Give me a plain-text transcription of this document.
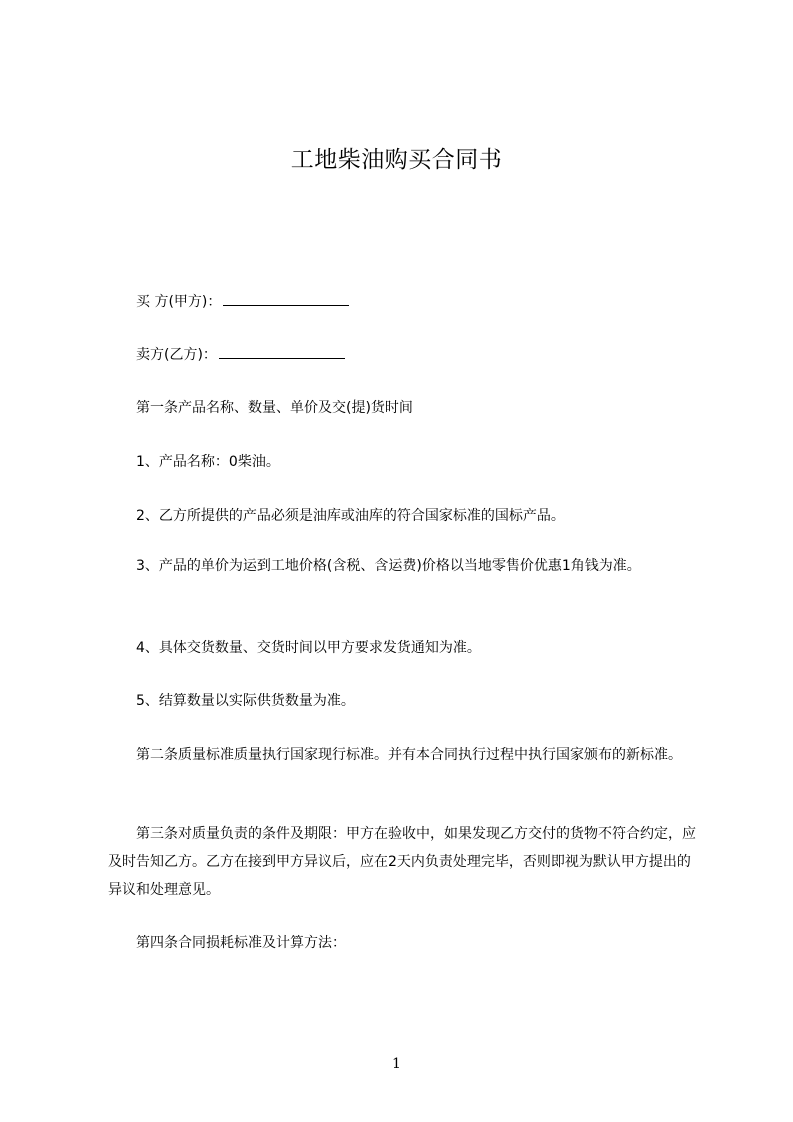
工地柴油购买合同书
买 方(甲方)：
卖方(乙方)：
第一条产品名称、数量、单价及交(提)货时间
1、产品名称：0柴油。
2、乙方所提供的产品必须是油库或油库的符合国家标准的国标产品。
3、产品的单价为运到工地价格(含税、含运费)价格以当地零售价优惠1角钱为准。
4、具体交货数量、交货时间以甲方要求发货通知为准。
5、结算数量以实际供货数量为准。
第二条质量标准质量执行国家现行标准。并有本合同执行过程中执行国家颁布的新标准。
第三条对质量负责的条件及期限：甲方在验收中，如果发现乙方交付的货物不符合约定，应及时告知乙方。乙方在接到甲方异议后，应在2天内负责处理完毕，否则即视为默认甲方提出的异议和处理意见。
第四条合同损耗标准及计算方法：
1
